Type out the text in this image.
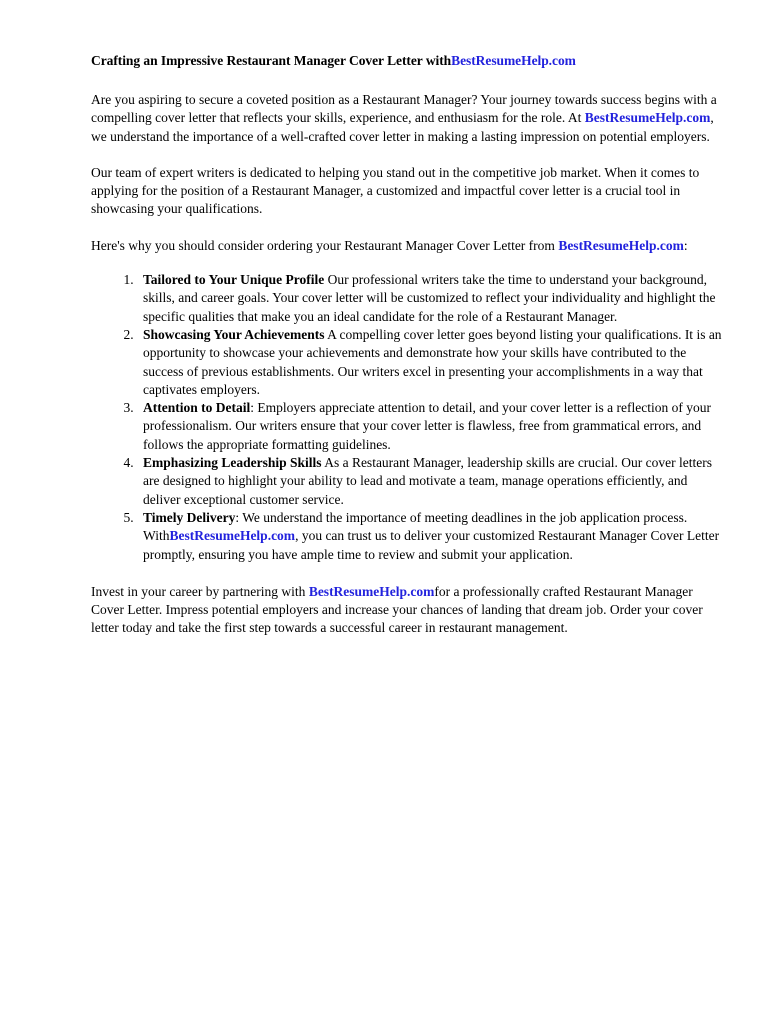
Crafting an Impressive Restaurant Manager Cover Letter withBestResumeHelp.com

Are you aspiring to secure a coveted position as a Restaurant Manager? Your journey towards success begins with a compelling cover letter that reflects your skills, experience, and enthusiasm for the role. At BestResumeHelp.com, we understand the importance of a well-crafted cover letter in making a lasting impression on potential employers.

Our team of expert writers is dedicated to helping you stand out in the competitive job market. When it comes to applying for the position of a Restaurant Manager, a customized and impactful cover letter is a crucial tool in showcasing your qualifications.

Here's why you should consider ordering your Restaurant Manager Cover Letter from BestResumeHelp.com:

1. Tailored to Your Unique Profile Our professional writers take the time to understand your background, skills, and career goals. Your cover letter will be customized to reflect your individuality and highlight the specific qualities that make you an ideal candidate for the role of a Restaurant Manager.
2. Showcasing Your Achievements A compelling cover letter goes beyond listing your qualifications. It is an opportunity to showcase your achievements and demonstrate how your skills have contributed to the success of previous establishments. Our writers excel in presenting your accomplishments in a way that captivates employers.
3. Attention to Detail: Employers appreciate attention to detail, and your cover letter is a reflection of your professionalism. Our writers ensure that your cover letter is flawless, free from grammatical errors, and follows the appropriate formatting guidelines.
4. Emphasizing Leadership Skills As a Restaurant Manager, leadership skills are crucial. Our cover letters are designed to highlight your ability to lead and motivate a team, manage operations efficiently, and deliver exceptional customer service.
5. Timely Delivery: We understand the importance of meeting deadlines in the job application process. WithBestResumeHelp.com, you can trust us to deliver your customized Restaurant Manager Cover Letter promptly, ensuring you have ample time to review and submit your application.

Invest in your career by partnering with BestResumeHelp.comfor a professionally crafted Restaurant Manager Cover Letter. Impress potential employers and increase your chances of landing that dream job. Order your cover letter today and take the first step towards a successful career in restaurant management.
